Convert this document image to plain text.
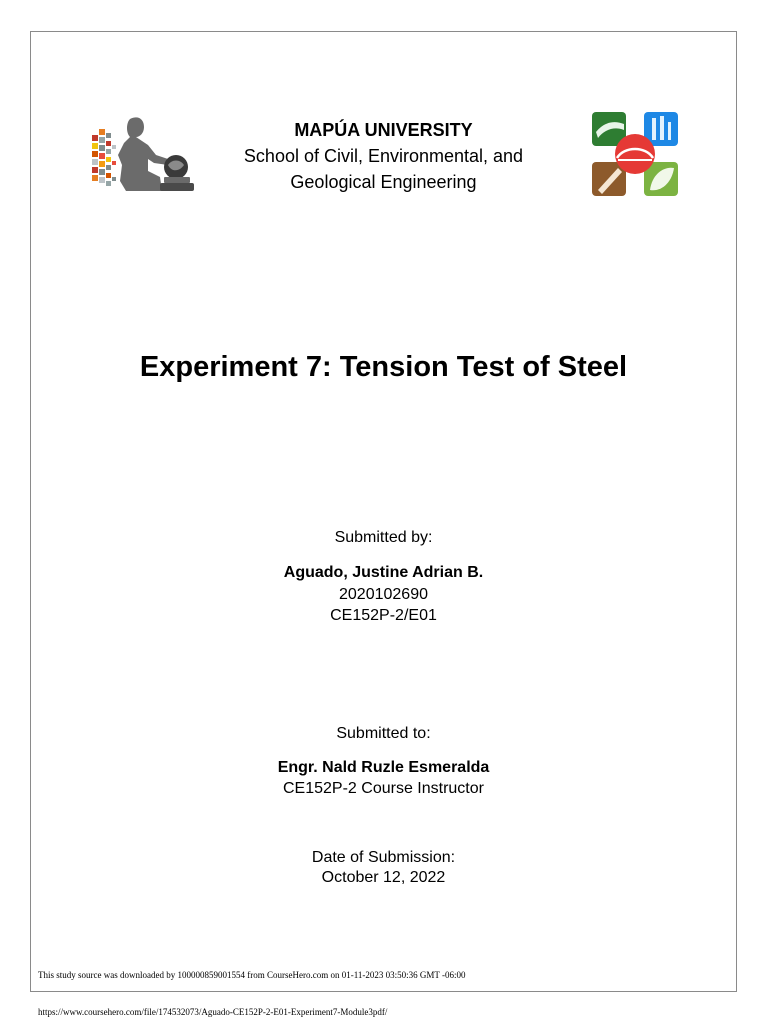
MAPÚA UNIVERSITY
School of Civil, Environmental, and
Geological Engineering
Experiment 7: Tension Test of Steel
Submitted by:
Aguado, Justine Adrian B.
2020102690
CE152P-2/E01
Submitted to:
Engr. Nald Ruzle Esmeralda
CE152P-2 Course Instructor
Date of Submission:
October 12, 2022
This study source was downloaded by 100000859001554 from CourseHero.com on 01-11-2023 03:50:36 GMT -06:00
https://www.coursehero.com/file/174532073/Aguado-CE152P-2-E01-Experiment7-Module3pdf/
